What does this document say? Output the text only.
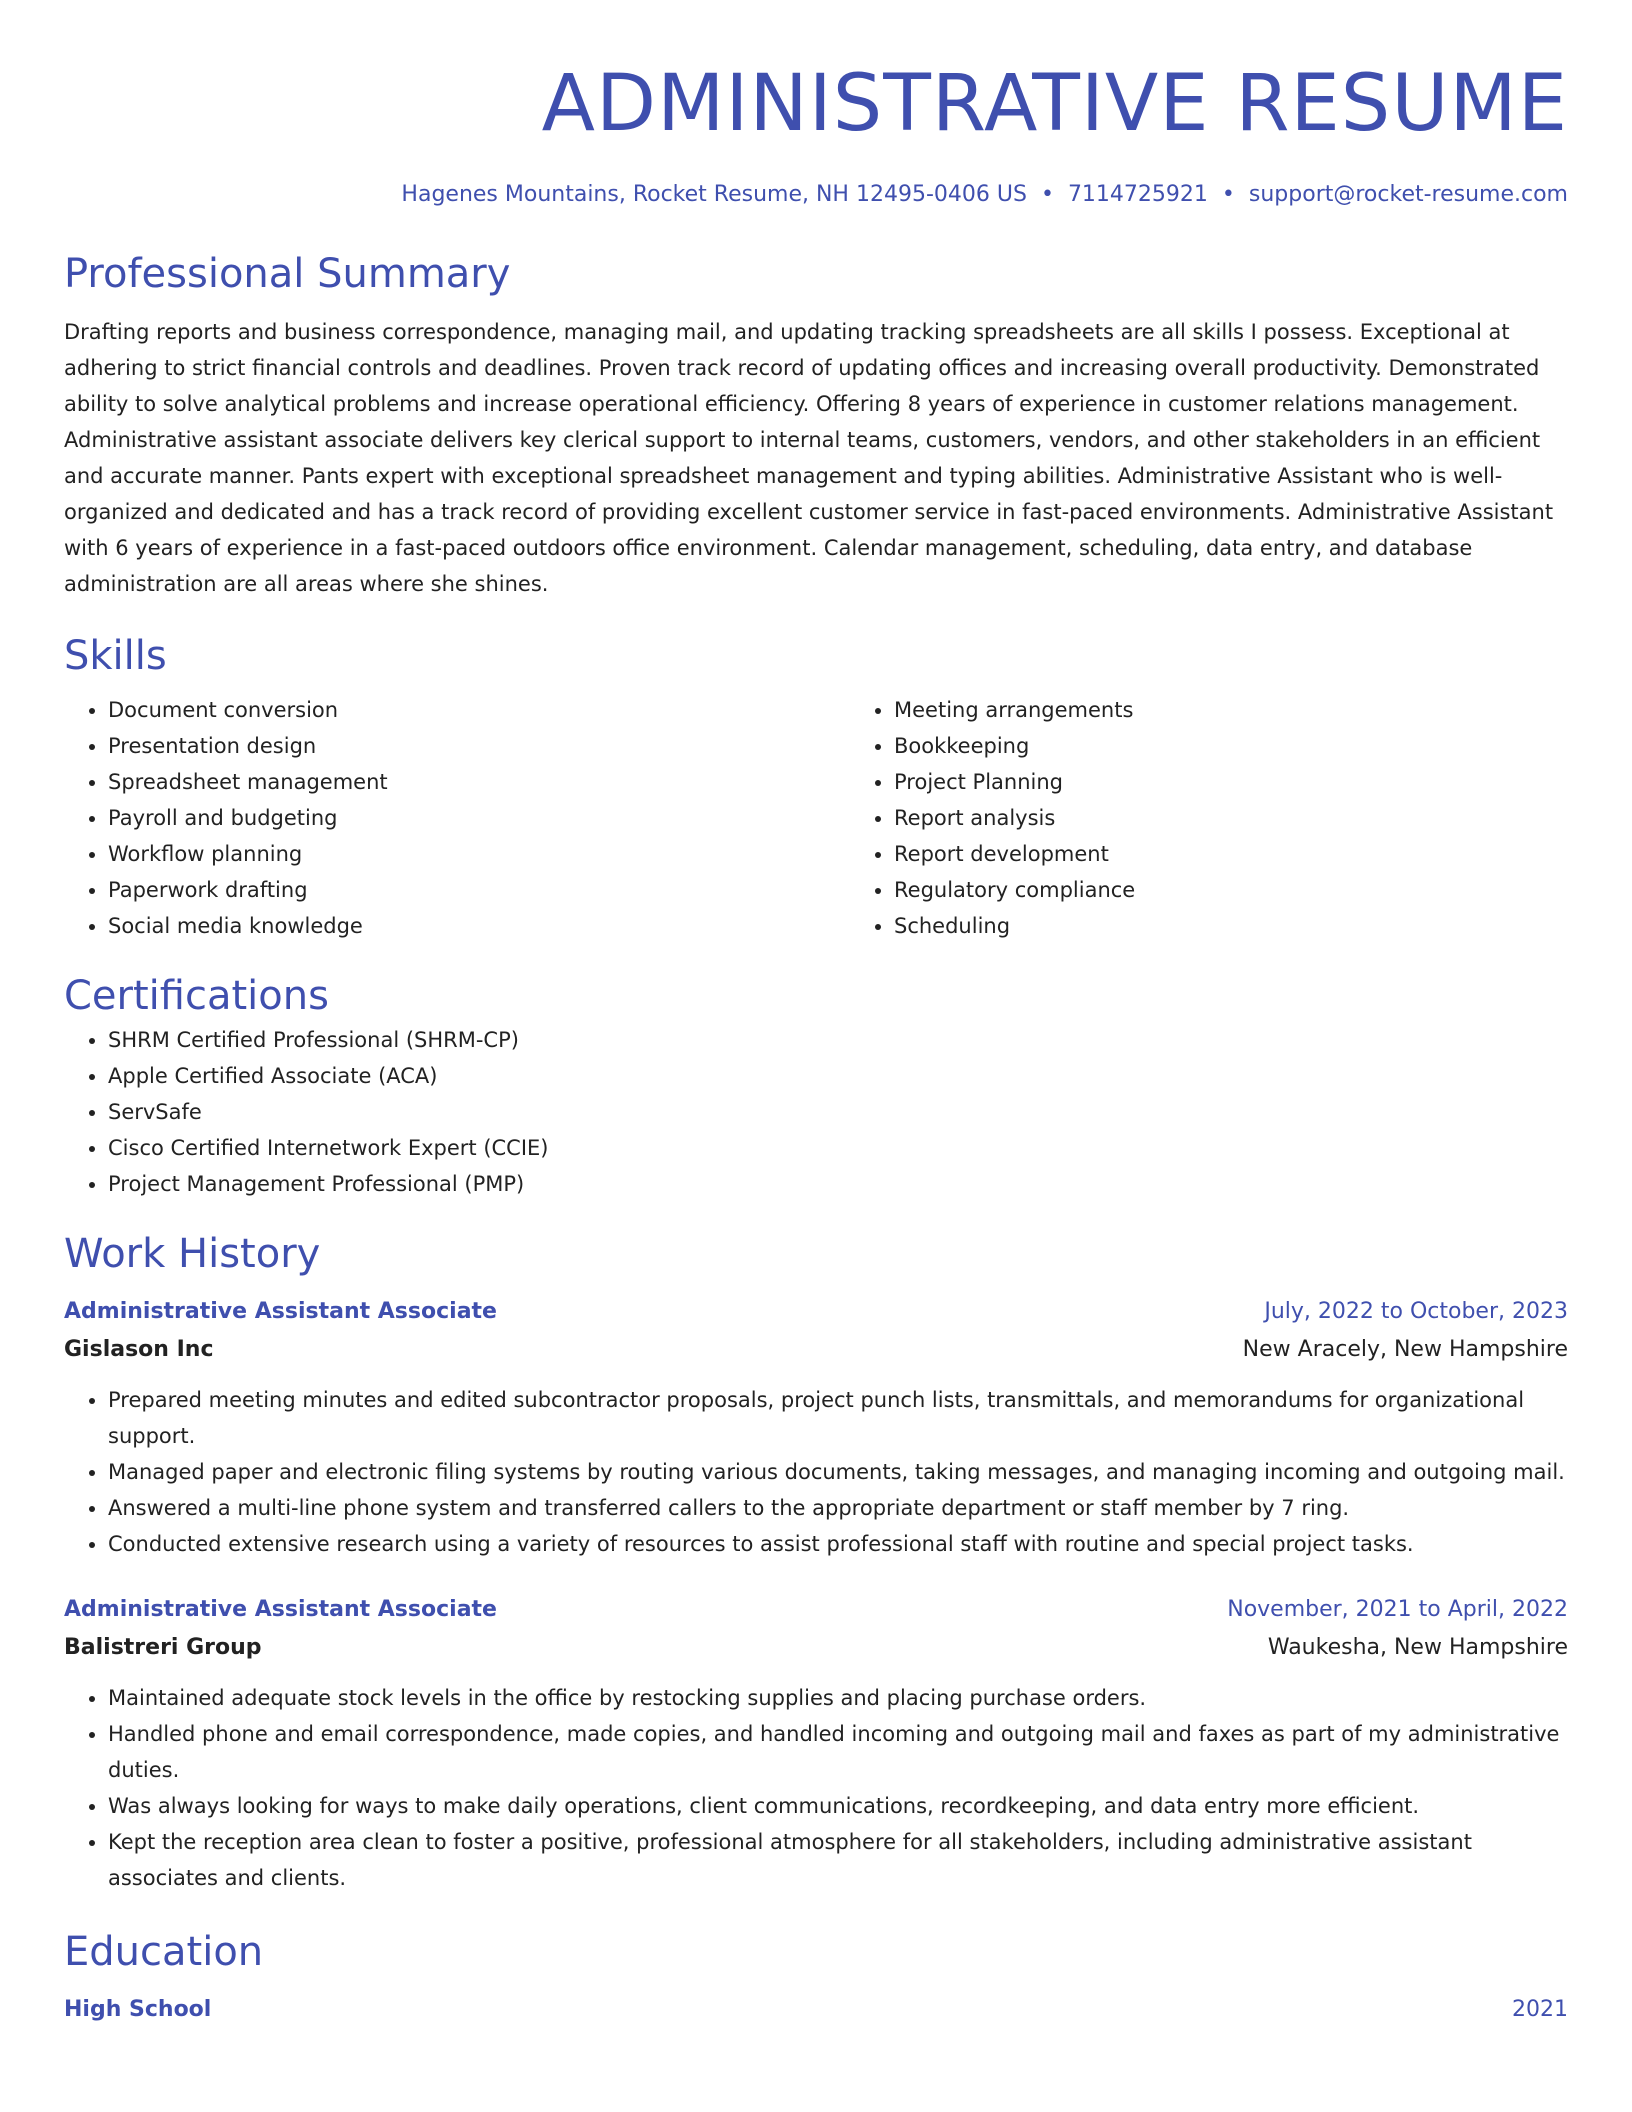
ADMINISTRATIVE RESUME
Hagenes Mountains, Rocket Resume, NH 12495-0406 US • 7114725921 • support@rocket-resume.com
Professional Summary
Drafting reports and business correspondence, managing mail, and updating tracking spreadsheets are all skills I possess. Exceptional at adhering to strict financial controls and deadlines. Proven track record of updating offices and increasing overall productivity. Demonstrated ability to solve analytical problems and increase operational efficiency. Offering 8 years of experience in customer relations management. Administrative assistant associate delivers key clerical support to internal teams, customers, vendors, and other stakeholders in an efficient and accurate manner. Pants expert with exceptional spreadsheet management and typing abilities. Administrative Assistant who is well-organized and dedicated and has a track record of providing excellent customer service in fast-paced environments. Administrative Assistant with 6 years of experience in a fast-paced outdoors office environment. Calendar management, scheduling, data entry, and database administration are all areas where she shines.
Skills
• Document conversion
• Presentation design
• Spreadsheet management
• Payroll and budgeting
• Workflow planning
• Paperwork drafting
• Social media knowledge
• Meeting arrangements
• Bookkeeping
• Project Planning
• Report analysis
• Report development
• Regulatory compliance
• Scheduling
Certifications
• SHRM Certified Professional (SHRM-CP)
• Apple Certified Associate (ACA)
• ServSafe
• Cisco Certified Internetwork Expert (CCIE)
• Project Management Professional (PMP)
Work History
Administrative Assistant Associate	July, 2022 to October, 2023
Gislason Inc	New Aracely, New Hampshire
• Prepared meeting minutes and edited subcontractor proposals, project punch lists, transmittals, and memorandums for organizational support.
• Managed paper and electronic filing systems by routing various documents, taking messages, and managing incoming and outgoing mail.
• Answered a multi-line phone system and transferred callers to the appropriate department or staff member by 7 ring.
• Conducted extensive research using a variety of resources to assist professional staff with routine and special project tasks.
Administrative Assistant Associate	November, 2021 to April, 2022
Balistreri Group	Waukesha, New Hampshire
• Maintained adequate stock levels in the office by restocking supplies and placing purchase orders.
• Handled phone and email correspondence, made copies, and handled incoming and outgoing mail and faxes as part of my administrative duties.
• Was always looking for ways to make daily operations, client communications, recordkeeping, and data entry more efficient.
• Kept the reception area clean to foster a positive, professional atmosphere for all stakeholders, including administrative assistant associates and clients.
Education
High School	2021
